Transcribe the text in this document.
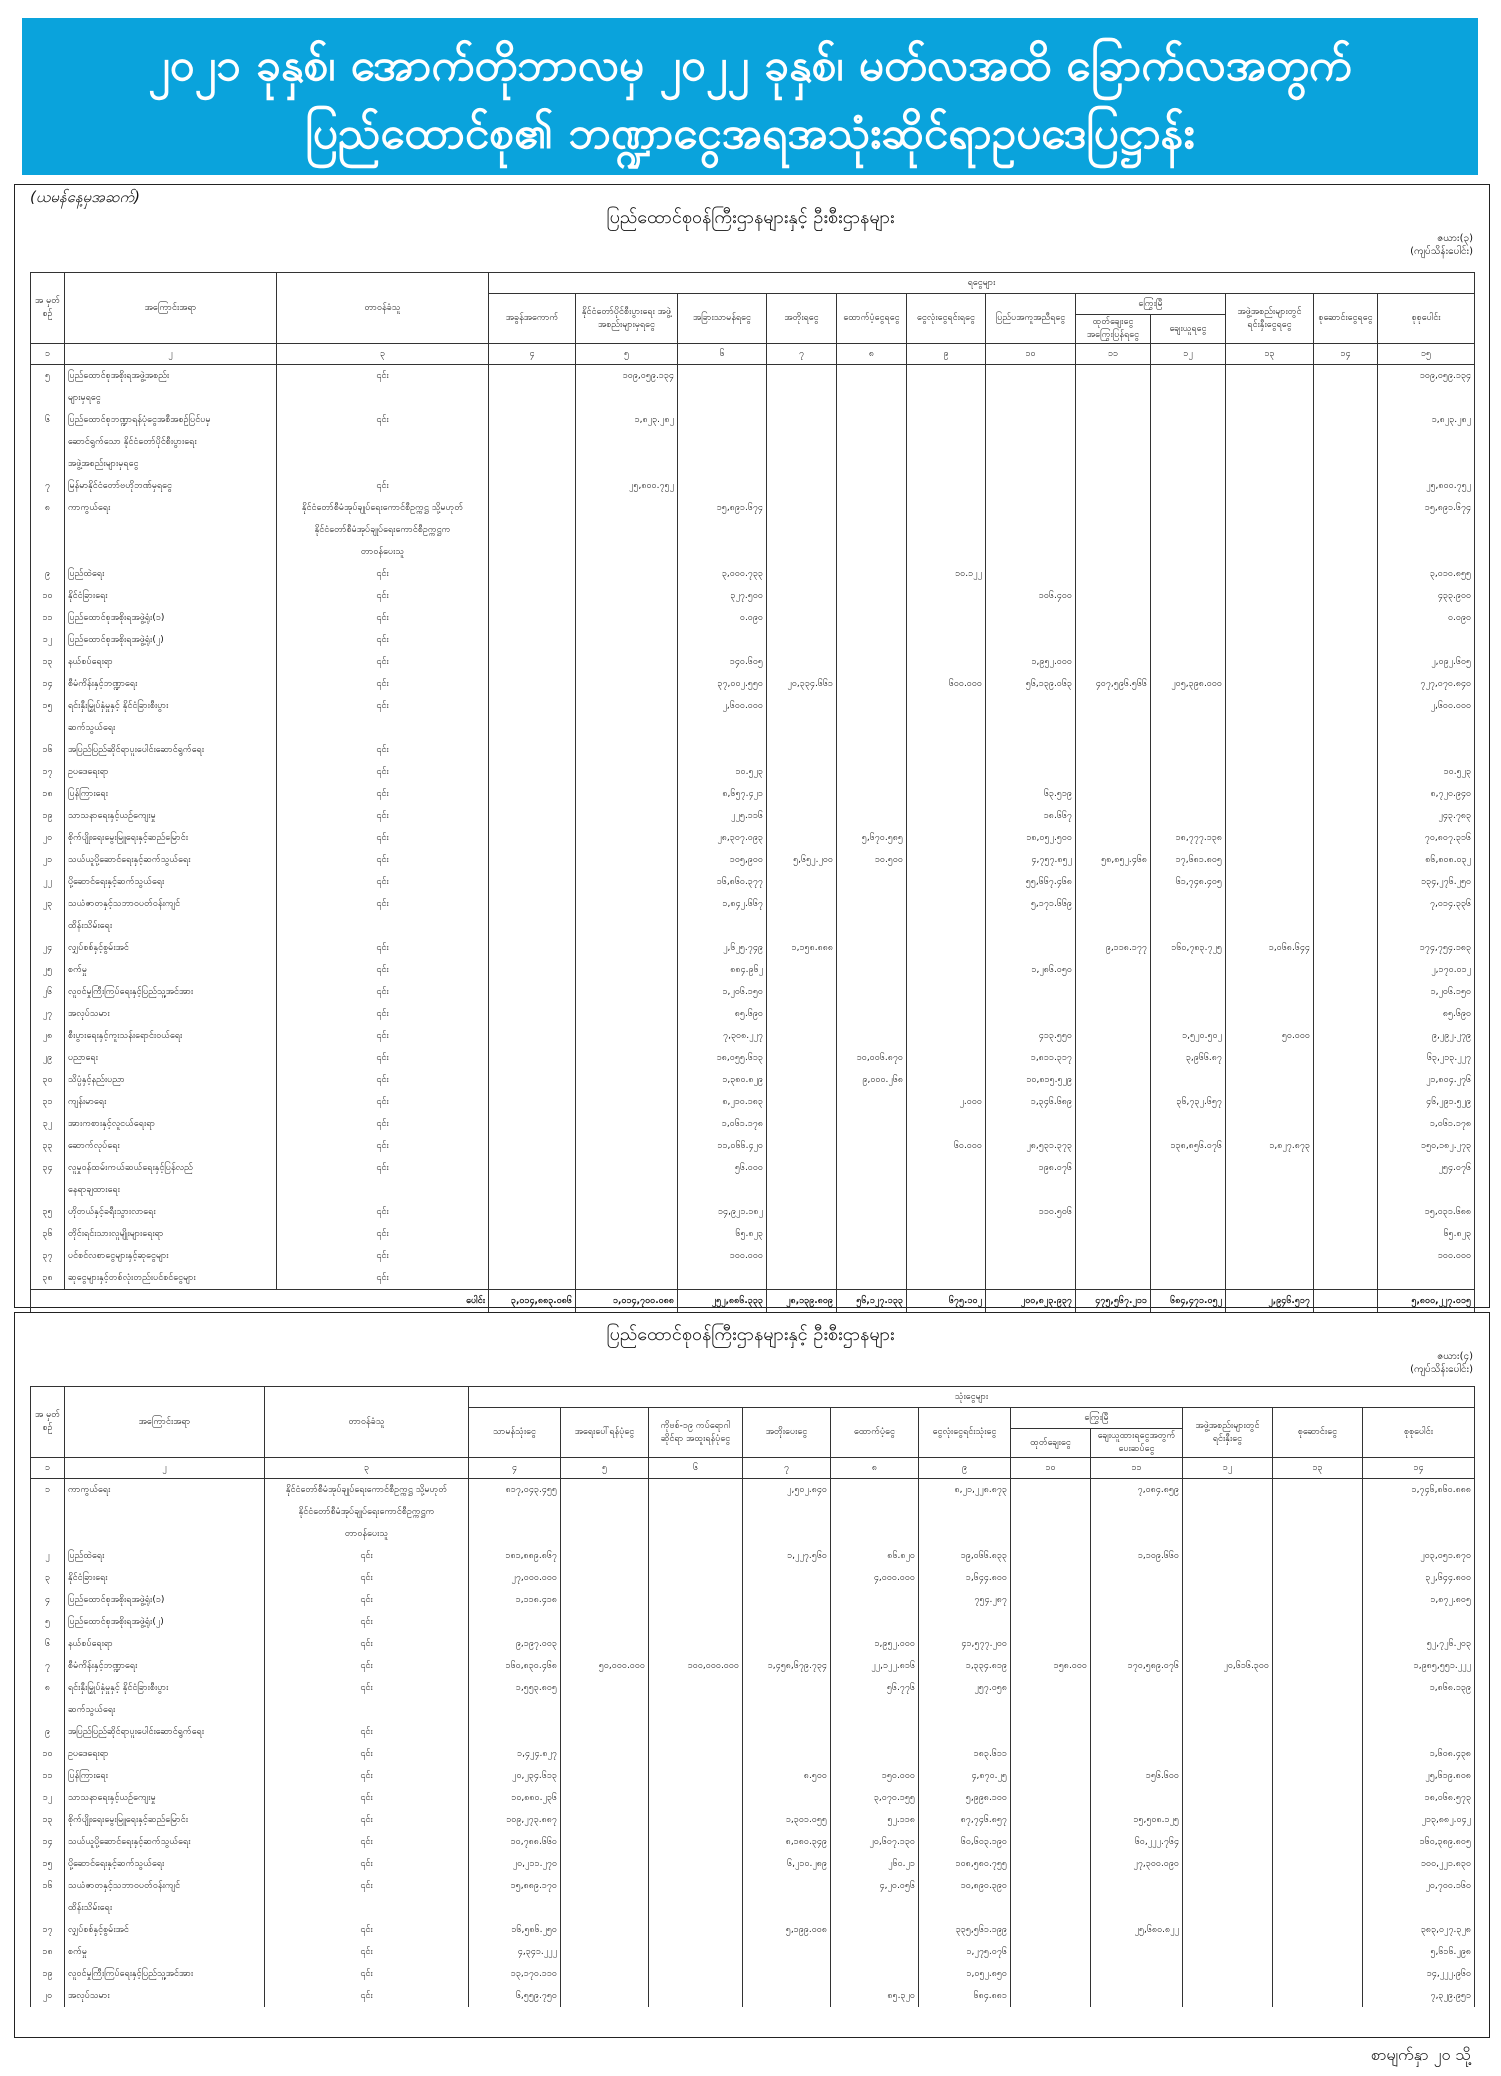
၂၀၂၁ ခုနှစ်၊ အောက်တိုဘာလမှ ၂၀၂၂ ခုနှစ်၊ မတ်လအထိ ခြောက်လအတွက်
ပြည်ထောင်စု၏ ဘဏ္ဍာငွေအရအသုံးဆိုင်ရာဥပဒေပြဋ္ဌာန်း
(ယမန်နေ့မှအဆက်)
ပြည်ထောင်စုဝန်ကြီးဌာနများနှင့် ဦးစီးဌာနများ
ဇယား(၃)
(ကျပ်သိန်းပေါင်း)
အ မှတ် စဉ်	အကြောင်းအရာ	တာဝန်ခံသူ	ရငွေများ											
			အခွန်အကောက်	နိုင်ငံတော်ပိုင်စီးပွားရေး အဖွဲ့အစည်းများမှရငွေ	အခြားသာမန်ရငွေ	အတိုးရငွေ	ထောက်ပံ့ငွေရငွေ	ငွေလုံးငွေရင်းရငွေ	ပြည်ပအကူအညီရငွေ	ကြွေးမြီ		အဖွဲ့အစည်းများတွင်ရင်းနှီးငွေရငွေ	စုဆောင်းငွေရငွေ	စုစုပေါင်း
										ထုတ်ချေးငွေ အကြွေးပြန်ရငွေ	ချေးယူရငွေ			
၁	၂	၃	၄	၅	၆	၇	၈	၉	၁၀	၁၁	၁၂	၁၃	၁၄	၁၅
၅	ပြည်ထောင်စုအစိုးရအဖွဲ့အစည်း	၎င်း		၁၀၉,၀၅၉.၁၃၄										၁၀၉,၀၅၉.၁၃၄
	များမှရငွေ													
၆	ပြည်ထောင်စုဘဏ္ဍာရန်ပုံငွေအစီအစဉ်ပြင်ပမှ	၎င်း		၁,၈၂၃.၂၈၂										၁,၈၂၃.၂၈၂
	ဆောင်ရွက်သော နိုင်ငံတော်ပိုင်စီးပွားရေး													
	အဖွဲ့အစည်းများမှရငွေ													
၇	မြန်မာနိုင်ငံတော်ဗဟိုဘဏ်မှရငွေ	၎င်း		၂၅,၈၀၀.၇၅၂										၂၅,၈၀၀.၇၅၂
၈	ကာကွယ်ရေး	နိုင်ငံတော်စီမံအုပ်ချုပ်ရေးကောင်စီဥက္ကဋ္ဌ သို့မဟုတ်			၁၅,၈၉၁.၆၇၄									၁၅,၈၉၁.၆၇၄
		နိုင်ငံတော်စီမံအုပ်ချုပ်ရေးကောင်စီဥက္ကဋ္ဌက												
		တာဝန်ပေးသူ												
၉	ပြည်ထဲရေး	၎င်း			၃,၀၀၀.၇၃၃			၁၀.၁၂၂						၃,၀၁၀.၈၅၅
၁၀	နိုင်ငံခြားရေး	၎င်း			၃၂၇.၅၀၀				၁၀၆.၄၀၀					၄၃၃.၉၀၀
၁၁	ပြည်ထောင်စုအစိုးရအဖွဲ့ရုံး(၁)	၎င်း			၀.၀၉၀									၀.၀၉၀
၁၂	ပြည်ထောင်စုအစိုးရအဖွဲ့ရုံး(၂)	၎င်း												
၁၃	နယ်စပ်ရေးရာ	၎င်း			၁၄၀.၆၀၅				၁,၉၅၂.၀၀၀					၂,၀၉၂.၆၀၅
၁၄	စီမံကိန်းနှင့်ဘဏ္ဍာရေး	၎င်း			၃၇,၀၀၂.၅၅၀	၂၀,၃၃၄.၆၆၁		၆၀၀.၀၀၀	၅၆,၁၃၉.၀၆၃	၄၀၇,၅၉၆.၅၆၆	၂၀၅,၃၉၈.၀၀၀			၇၂၇,၀၇၀.၈၄၀
၁၅	ရင်းနှီးမြှုပ်နှံမှုနှင့် နိုင်ငံခြားစီးပွား	၎င်း			၂,၆၀၀.၀၀၀									၂,၆၀၀.၀၀၀
	ဆက်သွယ်ရေး													
၁၆	အပြည်ပြည်ဆိုင်ရာပူးပေါင်းဆောင်ရွက်ရေး	၎င်း												
၁၇	ဥပဒေရေးရာ	၎င်း			၁၀.၅၂၃									၁၀.၅၂၃
၁၈	ပြန်ကြားရေး	၎င်း			၈,၆၅၇.၄၂၁				၆၃.၅၁၉					၈,၇၂၀.၉၄၀
၁၉	သာသနာရေးနှင့်ယဉ်ကျေးမှု	၎င်း			၂၂၅.၁၁၆				၁၈.၆၆၇					၂၄၃.၇၈၃
၂၀	စိုက်ပျိုးရေးမွေးမြူရေးနှင့်ဆည်မြောင်း	၎င်း			၂၈,၃၀၇.၀၉၃		၅,၆၇၀.၅၈၅		၁၈,၀၅၂.၅၀၀		၁၈,၇၇၇.၁၃၈			၇၀,၈၀၇.၃၁၆
၂၁	သယ်ယူပို့ဆောင်ရေးနှင့်ဆက်သွယ်ရေး	၎င်း			၁၀၅,၉၀၀	၅,၆၅၂.၂၀၀	၁၀.၅၀၀		၄,၇၅၇.၈၅၂	၅၈,၈၅၂.၄၆၈	၁၇,၆၈၁.၈၀၅			၈၆,၈၀၈.၀၃၂
၂၂	ပို့ဆောင်ရေးနှင့်ဆက်သွယ်ရေး	၎င်း			၁၆,၈၆၀.၃၇၇				၅၅,၆၆၇.၄၆၈		၆၁,၇၄၈.၄၀၅			၁၃၄,၂၇၆.၂၅၀
၂၃	သယံဇာတနှင့်သဘာဝပတ်ဝန်းကျင်	၎င်း			၁,၈၄၂.၆၆၇				၅,၁၇၁.၆၆၉					၇,၀၁၄.၃၃၆
	ထိန်းသိမ်းရေး													
၂၄	လျှပ်စစ်နှင့်စွမ်းအင်	၎င်း			၂,၆၂၅.၇၄၉	၁,၁၅၈.၈၈၈				၉,၁၁၈.၁၇၇	၁၆၀,၇၈၃.၇၂၅	၁,၀၆၈.၆၄၄		၁၇၄,၇၅၄.၁၈၃
၂၅	စက်မှု	၎င်း			၈၈၄.၉၆၂				၁,၂၈၆.၀၅၀					၂,၁၇၀.၀၁၂
၂၆	လူဝင်မှုကြီးကြပ်ရေးနှင့်ပြည်သူ့အင်အား	၎င်း			၁,၂၀၆.၁၅၀									၁,၂၀၆.၁၅၀
၂၇	အလုပ်သမား	၎င်း			၈၅.၆၉၀									၈၅.၆၉၀
၂၈	စီးပွားရေးနှင့်ကူးသန်းရောင်းဝယ်ရေး	၎င်း			၇,၃၀၈.၂၂၇				၄၁၃.၅၅၀		၁,၅၂၀.၅၀၂	၅၀.၀၀၀		၉,၂၉၂.၂၇၉
၂၉	ပညာရေး	၎င်း			၁၈,၀၅၅.၆၁၃		၁၀,၀၀၆.၈၇၀		၁,၈၁၁.၃၁၇		၃,၉၆၆.၈၇			၆၃,၂၁၃.၂၂၇
၃၀	သိပ္ပံနှင့်နည်းပညာ	၎င်း			၁,၃၈၀.၈၂၉		၉,၀၀၀.၂၆၈		၁၀,၈၁၅.၅၂၉					၂၁,၈၀၄.၂၇၆
၃၁	ကျန်းမာရေး	၎င်း			၈,၂၁၀.၁၈၃			၂.၀၀၀	၁,၃၄၆.၆၈၉		၃၆,၇၃၂.၆၅၇			၄၆,၂၉၁.၅၂၉
၃၂	အားကစားနှင့်လူငယ်ရေးရာ	၎င်း			၁,၀၆၁.၁၇၈									၁,၀၆၁.၁၇၈
၃၃	ဆောက်လုပ်ရေး	၎င်း			၁၁,၀၆၆.၄၂၀			၆၀.၀၀၀	၂၈,၅၃၁.၃၇၃		၁၃၈,၈၅၆.၀၇၆	၁,၈၂၇.၈၇၃		၁၅၀,၁၈၂.၂၇၃
၃၄	လူမှုဝန်ထမ်းကယ်ဆယ်ရေးနှင့်ပြန်လည်	၎င်း			၅၆.၀၀၀				၁၉၈.၀၇၆					၂၅၄.၀၇၆
	နေရာချထားရေး													
၃၅	ဟိုတယ်နှင့်ခရီးသွားလာရေး	၎င်း			၁၄,၉၂၁.၁၈၂				၁၁၀.၅၀၆					၁၅,၀၃၁.၆၈၈
၃၆	တိုင်းရင်းသားလူမျိုးများရေးရာ	၎င်း			၆၅.၈၂၃									၆၅.၈၂၃
၃၇	ပင်စင်လစာငွေများနှင့်ဆုငွေများ	၎င်း			၁၀၀.၀၀၀									၁၀၀.၀၀၀
၃၈	ဆုငွေများနှင့်တစ်လုံးတည်းပင်စင်ငွေများ	၎င်း												
ပေါင်း			၃,၀၁၄,၈၈၃.၀၈၆	၁,၀၁၄,၇၀၀.၀၈၈	၂၅၂,၈၈၆.၃၃၃	၂၈,၁၃၉.၈၀၉	၅၆,၁၂၇.၁၃၃	၆၇၅.၁၀၂	၂၀၀,၈၂၃.၉၃၇	၄၇၅,၅၆၇.၂၁၁	၆၈၄,၄၇၁.၀၅၂	၂,၉၄၆.၅၁၇		၅,၈၀၀,၂၂၇.၀၁၅
ပြည်ထောင်စုဝန်ကြီးဌာနများနှင့် ဦးစီးဌာနများ
ဇယား(၄)
(ကျပ်သိန်းပေါင်း)
အ မှတ် စဉ်	အကြောင်းအရာ	တာဝန်ခံသူ	သုံးငွေများ										
			သာမန်သုံးငွေ	အရေးပေါ်ရန်ပုံငွေ	ကိုဗစ်-၁၉ ကပ်ရောဂါဆိုင်ရာ အထူးရန်ပုံငွေ	အတိုးပေးငွေ	ထောက်ပံ့ငွေ	ငွေလုံးငွေရင်းသုံးငွေ	ကြွေးမြီ		အဖွဲ့အစည်းများတွင်ရင်းနှီးငွေ	စုဆောင်းငွေ	စုစုပေါင်း
									ထုတ်ချေးငွေ	ချေးယူထားရငွေအတွက်ပေးဆပ်ငွေ			
၁	၂	၃	၄	၅	၆	၇	၈	၉	၁၀	၁၁	၁၂	၁၃	၁၄
၁	ကာကွယ်ရေး	နိုင်ငံတော်စီမံအုပ်ချုပ်ရေးကောင်စီဥက္ကဋ္ဌ သို့မဟုတ်	၈၁၇,၀၄၃.၄၅၅			၂,၅၀၂.၈၄၀		၈,၂၁,၂၂၈.၈၇၃		၇,၀၈၄.၈၅၉			၁,၇၄၆,၈၆၀.၈၈၈
		နိုင်ငံတော်စီမံအုပ်ချုပ်ရေးကောင်စီဥက္ကဋ္ဌက											
		တာဝန်ပေးသူ											
၂	ပြည်ထဲရေး	၎င်း	၁၈၁,၈၈၉.၈၆၇			၁,၂၂၇.၅၆၀	၈၆.၈၂၀	၁၉,၀၆၆.၈၃၃		၁,၁၀၉.၆၆၀			၂၀၃,၀၅၁.၈၇၀
၃	နိုင်ငံခြားရေး	၎င်း	၂၇,၀၀၀.၀၀၀				၄,၀၀၀.၀၀၀	၁,၆၄၄.၈၀၀					၃၂,၆၄၄.၈၀၀
၄	ပြည်ထောင်စုအစိုးရအဖွဲ့ရုံး(၁)	၎င်း	၁,၁၁၈.၄၁၈					၇၅၄.၂၈၇					၁,၈၇၂.၈၀၅
၅	ပြည်ထောင်စုအစိုးရအဖွဲ့ရုံး(၂)	၎င်း											
၆	နယ်စပ်ရေးရာ	၎င်း	၉,၁၉၇.၀၀၃				၁,၉၅၂.၀၀၀	၄၁,၅၇၇.၂၀၀					၅၂,၇၂၆.၂၀၃
၇	စီမံကိန်းနှင့်ဘဏ္ဍာရေး	၎င်း	၁၆၀,၈၃၀.၄၆၈	၅၀,၀၀၀.၀၀၀	၁၀၀,၀၀၀.၀၀၀	၁,၄၅၈,၆၇၉.၇၃၄	၂၂,၁၂၂.၈၁၆	၁,၃၃၄.၈၁၉	၁၅၈.၀၀၀	၁၇၀,၅၈၉.၀၇၆	၂၀,၆၁၆.၃၀၀		၁,၉၈၅,၅၅၁.၂၂၂
၈	ရင်းနှီးမြှုပ်နှံမှုနှင့် နိုင်ငံခြားစီးပွား	၎င်း	၁,၅၅၃.၈၀၅				၅၆.၇၇၆	၂၅၇.၀၅၈					၁,၈၆၈.၁၃၉
	ဆက်သွယ်ရေး												
၉	အပြည်ပြည်ဆိုင်ရာပူးပေါင်းဆောင်ရွက်ရေး	၎င်း											
၁၀	ဥပဒေရေးရာ	၎င်း	၁,၄၂၄.၈၂၇					၁၈၃.၆၁၁					၁,၆၀၈.၄၃၈
၁၁	ပြန်ကြားရေး	၎င်း	၂၀,၂၃၄.၆၁၃			၈.၅၀၀	၁၅၀.၀၀၀	၄,၈၇၀.၂၅		၁၅၆.၆၀၀			၂၅,၆၁၉.၈၀၈
၁၂	သာသနာရေးနှင့်ယဉ်ကျေးမှု	၎င်း	၁၀,၈၈၀.၂၃၆				၃,၀၇၀.၁၅၅	၅,၉၉၈.၁၀၀					၁၈,၀၆၈.၅၇၃
၁၃	စိုက်ပျိုးရေးမွေးမြူရေးနှင့်ဆည်မြောင်း	၎င်း	၁၀၉,၂၇၃.၈၈၇			၁,၃၀၁.၀၅၅	၅၂.၁၁၈	၈၇,၇၄၆.၈၅၇		၁၅,၅၀၈.၁၂၅			၂၁၃,၈၈၂.၀၄၂
၁၄	သယ်ယူပို့ဆောင်ရေးနှင့်ဆက်သွယ်ရေး	၎င်း	၁၀,၇၈၈.၆၆၀			၈,၁၈၀.၃၄၉	၂၀,၆၀၇.၁၃၀	၆၀,၆၀၃.၁၉၀		၆၀,၂၂၂.၇၆၄			၁၆၀,၃၈၉.၈၀၅
၁၅	ပို့ဆောင်ရေးနှင့်ဆက်သွယ်ရေး	၎င်း	၂၀,၂၁၁.၂၇၀			၆,၂၁၀.၂၈၉	၂၆၀.၂၁	၁၀၈,၅၈၀.၇၅၅		၂၇,၃၀၀.၀၉၀			၁၀၀,၂၂၁.၈၃၀
၁၆	သယံဇာတနှင့်သဘာဝပတ်ဝန်းကျင်	၎င်း	၁၅,၈၈၉.၁၇၀				၄,၂၀.၀၅၆	၁၀,၈၉၀.၃၉၀					၂၀,၇၀၀.၁၆၀
	ထိန်းသိမ်းရေး												
၁၇	လျှပ်စစ်နှင့်စွမ်းအင်	၎င်း	၁၆,၅၈၆.၂၅၀			၅,၁၉၉.၀၀၈		၃၃၅,၅၆၁.၁၉၉		၂၅,၆၈၀.၈၂၂			၃၈၃,၀၂၇.၃၂၈
၁၈	စက်မှု	၎င်း	၄,၃၄၁.၂၂၂					၁,၂၇၅.၀၇၆					၅,၆၁၆.၂၉၈
၁၉	လူဝင်မှုကြီးကြပ်ရေးနှင့်ပြည်သူ့အင်အား	၎င်း	၁၃,၁၇၀.၁၁၀					၁,၀၅၂.၈၅၀					၁၄,၂၂၂.၉၆၀
၂၀	အလုပ်သမား	၎င်း	၆,၅၅၉.၇၅၀				၈၅.၃၂၀	၆၈၄.၈၈၁					၇,၃၂၉.၉၅၁
စာမျက်နှာ ၂၀ သို့
